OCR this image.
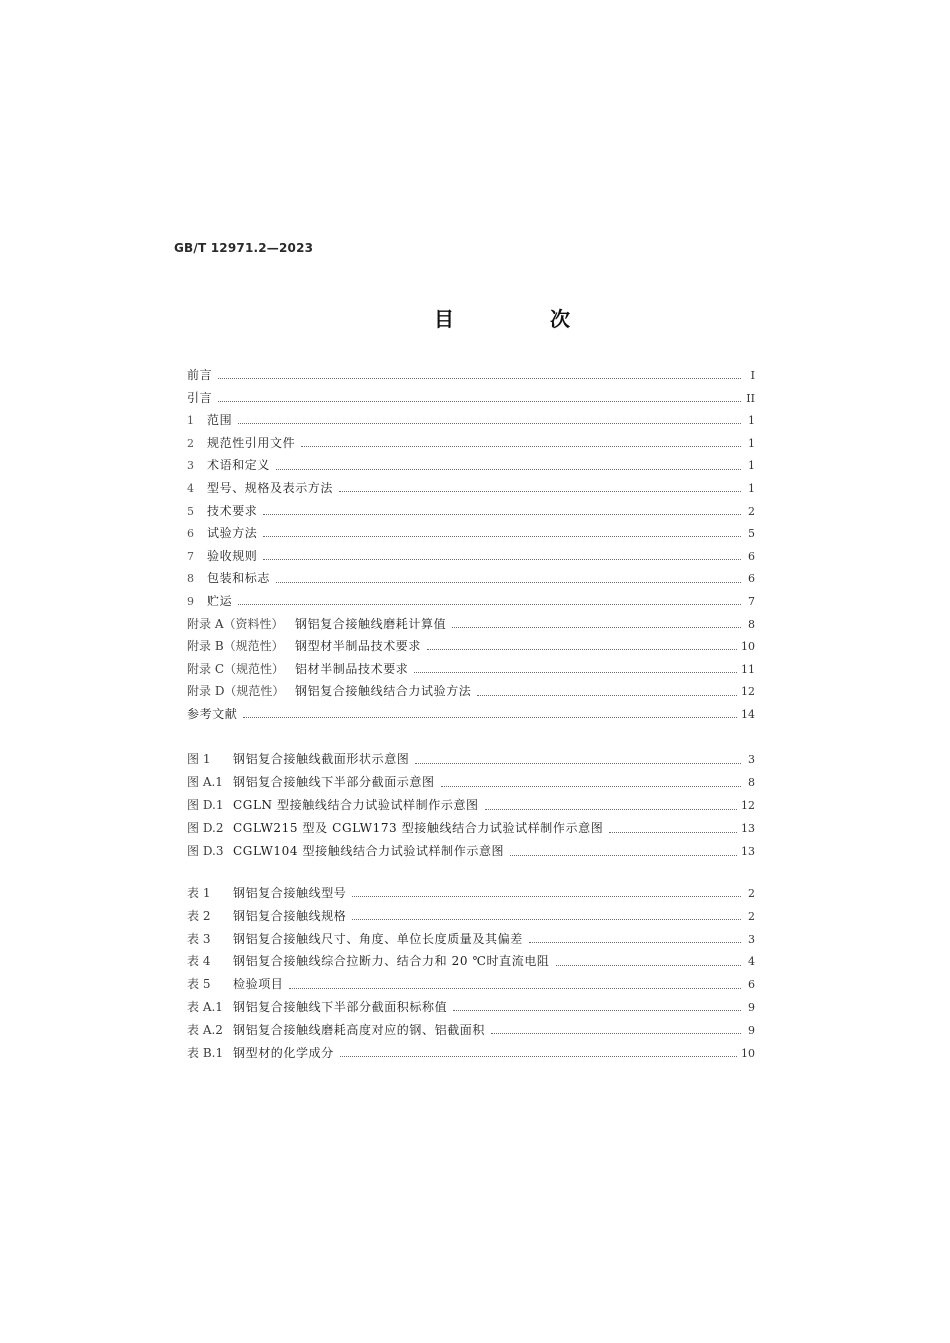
GB/T 12971.2—2023
目　次
前言	I
引言	II
1	范围	1
2	规范性引用文件	1
3	术语和定义	1
4	型号、规格及表示方法	1
5	技术要求	2
6	试验方法	5
7	验收规则	6
8	包装和标志	6
9	贮运	7
附录 A（资料性） 钢铝复合接触线磨耗计算值	8
附录 B（规范性） 钢型材半制品技术要求	10
附录 C（规范性） 铝材半制品技术要求	11
附录 D（规范性） 钢铝复合接触线结合力试验方法	12
参考文献	14
图 1	钢铝复合接触线截面形状示意图	3
图 A.1 钢铝复合接触线下半部分截面示意图	8
图 D.1 CGLN 型接触线结合力试验试样制作示意图	12
图 D.2 CGLW215 型及 CGLW173 型接触线结合力试验试样制作示意图	13
图 D.3 CGLW104 型接触线结合力试验试样制作示意图	13
表 1	钢铝复合接触线型号	2
表 2	钢铝复合接触线规格	2
表 3	钢铝复合接触线尺寸、角度、单位长度质量及其偏差	3
表 4	钢铝复合接触线综合拉断力、结合力和 20 ℃时直流电阻	4
表 5	检验项目	6
表 A.1 钢铝复合接触线下半部分截面积标称值	9
表 A.2 钢铝复合接触线磨耗高度对应的钢、铝截面积	9
表 B.1 钢型材的化学成分	10
